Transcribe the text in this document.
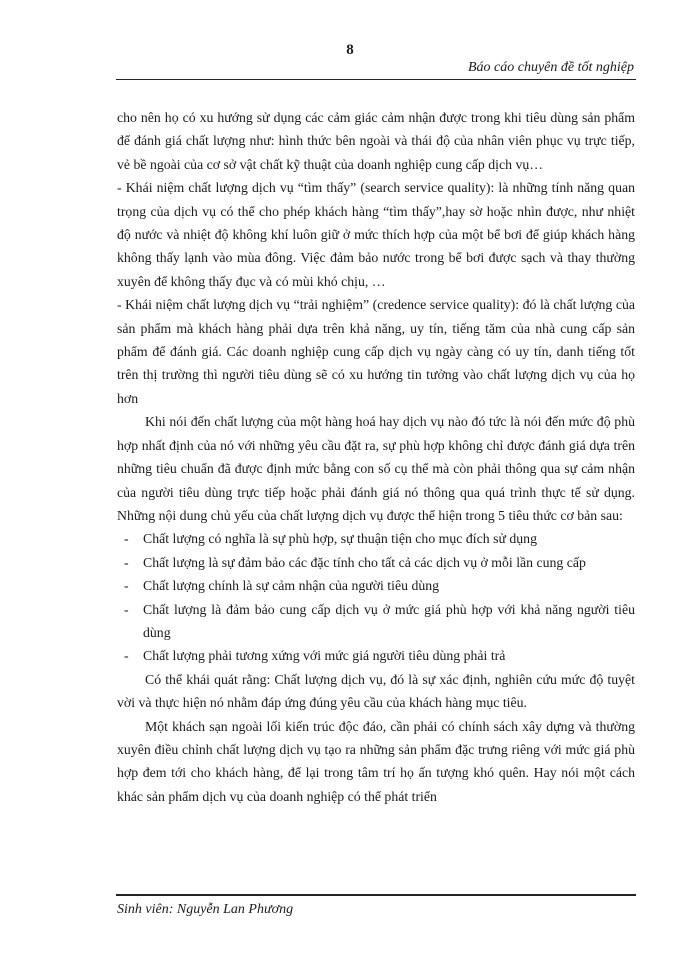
8
Báo cáo chuyên đề tốt nghiệp

cho nên họ có xu hướng sử dụng các cảm giác cảm nhận được trong khi tiêu dùng sản phẩm để đánh giá chất lượng như: hình thức bên ngoài và thái độ của nhân viên phục vụ trực tiếp, vẻ bề ngoài của cơ sở vật chất kỹ thuật của doanh nghiệp cung cấp dịch vụ…

- Khái niệm chất lượng dịch vụ “tìm thấy” (search service quality): là những tính năng quan trọng của dịch vụ có thể cho phép khách hàng “tìm thấy”,hay sờ hoặc nhìn được, như nhiệt độ nước và nhiệt độ không khí luôn giữ ở mức thích hợp của một bể bơi để giúp khách hàng không thấy lạnh vào mùa đông. Việc đảm bảo nước trong bể bơi được sạch và thay thường xuyên để không thấy đục và có mùi khó chịu, …

- Khái niệm chất lượng dịch vụ “trải nghiệm” (credence service quality): đó là chất lượng của sản phẩm mà khách hàng phải dựa trên khả năng, uy tín, tiếng tăm của nhà cung cấp sản phẩm để đánh giá. Các doanh nghiệp cung cấp dịch vụ ngày càng có uy tín, danh tiếng tốt trên thị trường thì người tiêu dùng sẽ có xu hướng tin tưởng vào chất lượng dịch vụ của họ hơn

Khi nói đến chất lượng của một hàng hoá hay dịch vụ nào đó tức là nói đến mức độ phù hợp nhất định của nó với những yêu cầu đặt ra, sự phù hợp không chỉ được đánh giá dựa trên những tiêu chuẩn đã được định mức bằng con số cụ thể mà còn phải thông qua sự cảm nhận của người tiêu dùng trực tiếp hoặc phải đánh giá nó thông qua quá trình thực tế sử dụng. Những nội dung chủ yếu của chất lượng dịch vụ được thể hiện trong 5 tiêu thức cơ bản sau:

-	Chất lượng có nghĩa là sự phù hợp, sự thuận tiện cho mục đích sử dụng
-	Chất lượng là sự đảm bảo các đặc tính cho tất cả các dịch vụ ở mỗi lần cung cấp
-	Chất lượng chính là sự cảm nhận của người tiêu dùng
-	Chất lượng là đảm bảo cung cấp dịch vụ ở mức giá phù hợp với khả năng người tiêu dùng
-	Chất lượng phải tương xứng với mức giá người tiêu dùng phải trả

Có thể khái quát rằng: Chất lượng dịch vụ, đó là sự xác định, nghiên cứu mức độ tuyệt vời và thực hiện nó nhằm đáp ứng đúng yêu cầu của khách hàng mục tiêu.

Một khách sạn ngoài lối kiến trúc độc đáo, cần phải có chính sách xây dựng và thường xuyên điều chỉnh chất lượng dịch vụ tạo ra những sản phẩm đặc trưng riêng với mức giá phù hợp đem tới cho khách hàng, để lại trong tâm trí họ ấn tượng khó quên. Hay nói một cách khác sản phẩm dịch vụ của doanh nghiệp có thể phát triển

Sinh viên: Nguyễn Lan Phương
